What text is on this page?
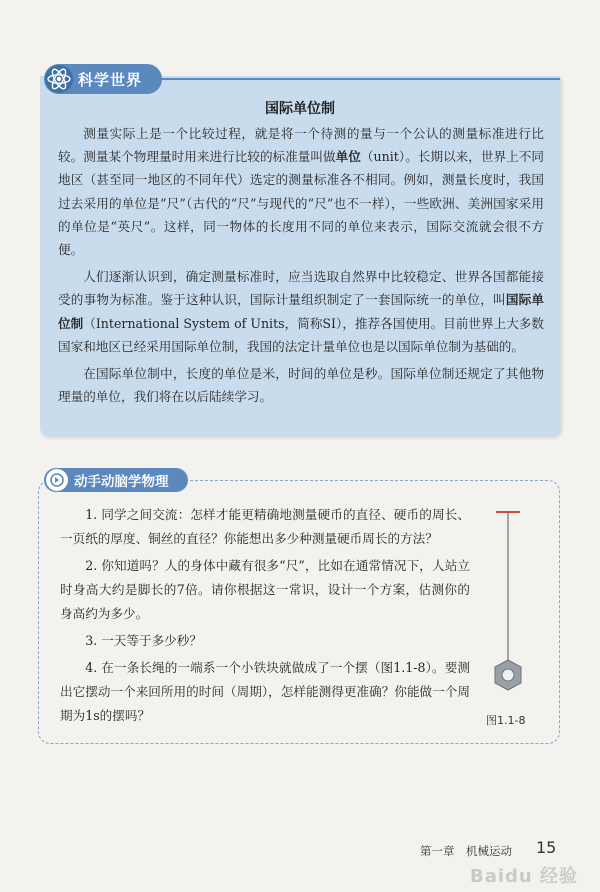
科学世界
国际单位制

测量实际上是一个比较过程，就是将一个待测的量与一个公认的测量标准进行比较。测量某个物理量时用来进行比较的标准量叫做单位（unit）。长期以来，世界上不同地区（甚至同一地区的不同年代）选定的测量标准各不相同。例如，测量长度时，我国过去采用的单位是“尺”（古代的“尺”与现代的“尺”也不一样），一些欧洲、美洲国家采用的单位是“英尺”。这样，同一物体的长度用不同的单位来表示，国际交流就会很不方便。

人们逐渐认识到，确定测量标准时，应当选取自然界中比较稳定、世界各国都能接受的事物为标准。鉴于这种认识，国际计量组织制定了一套国际统一的单位，叫国际单位制（International System of Units，简称SI），推荐各国使用。目前世界上大多数国家和地区已经采用国际单位制，我国的法定计量单位也是以国际单位制为基础的。

在国际单位制中，长度的单位是米，时间的单位是秒。国际单位制还规定了其他物理量的单位，我们将在以后陆续学习。

动手动脑学物理

1. 同学之间交流：怎样才能更精确地测量硬币的直径、硬币的周长、一页纸的厚度、铜丝的直径？你能想出多少种测量硬币周长的方法？

2. 你知道吗？人的身体中藏有很多“尺”，比如在通常情况下，人站立时身高大约是脚长的7倍。请你根据这一常识，设计一个方案，估测你的身高约为多少。

3. 一天等于多少秒？

4. 在一条长绳的一端系一个小铁块就做成了一个摆（图1.1-8）。要测出它摆动一个来回所用的时间（周期），怎样能测得更准确？你能做一个周期为1s的摆吗？	图1.1-8
第一章　机械运动 15
Baidu 经验
